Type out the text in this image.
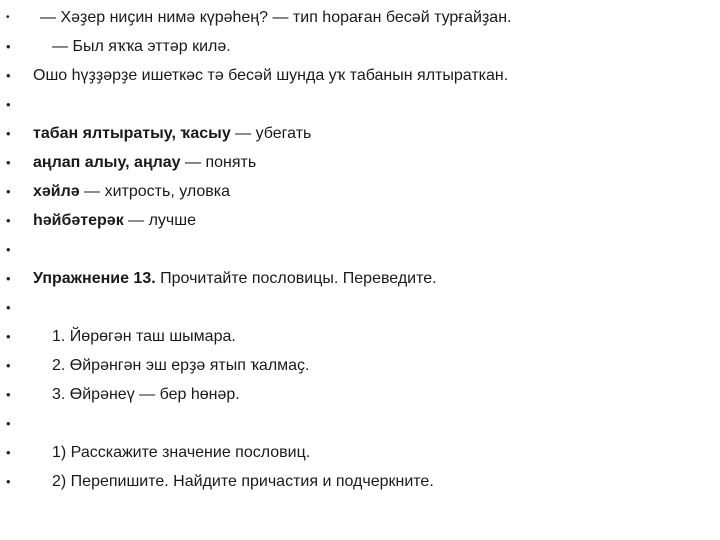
•	— Хәҙер ниҫин нимә күрәһең? — тип һораған бесәй турғайҙан.
•	— Был яҡҡа эттәр килә.
•	Ошо һүҙҙәрҙе ишеткәс тә бесәй шунда уҡ табанын ялтыраткан.
•
•	табан ялтыратыу, ҡасыу — убегать
•	аңлап алыу, аңлау — понять
•	хәйлә — хитрость, уловка
•	һәйбәтерәк — лучше
•
•	Упражнение 13. Прочитайте пословицы. Переведите.
•
•	1. Йөрөгән таш шымара.
•	2. Өйрәнгән эш ерҙә ятып ҡалмаҫ.
•	3. Өйрәнеү — бер һөнәр.
•
•	1) Расскажите значение пословиц.
•	2) Перепишите. Найдите причастия и подчеркните.
